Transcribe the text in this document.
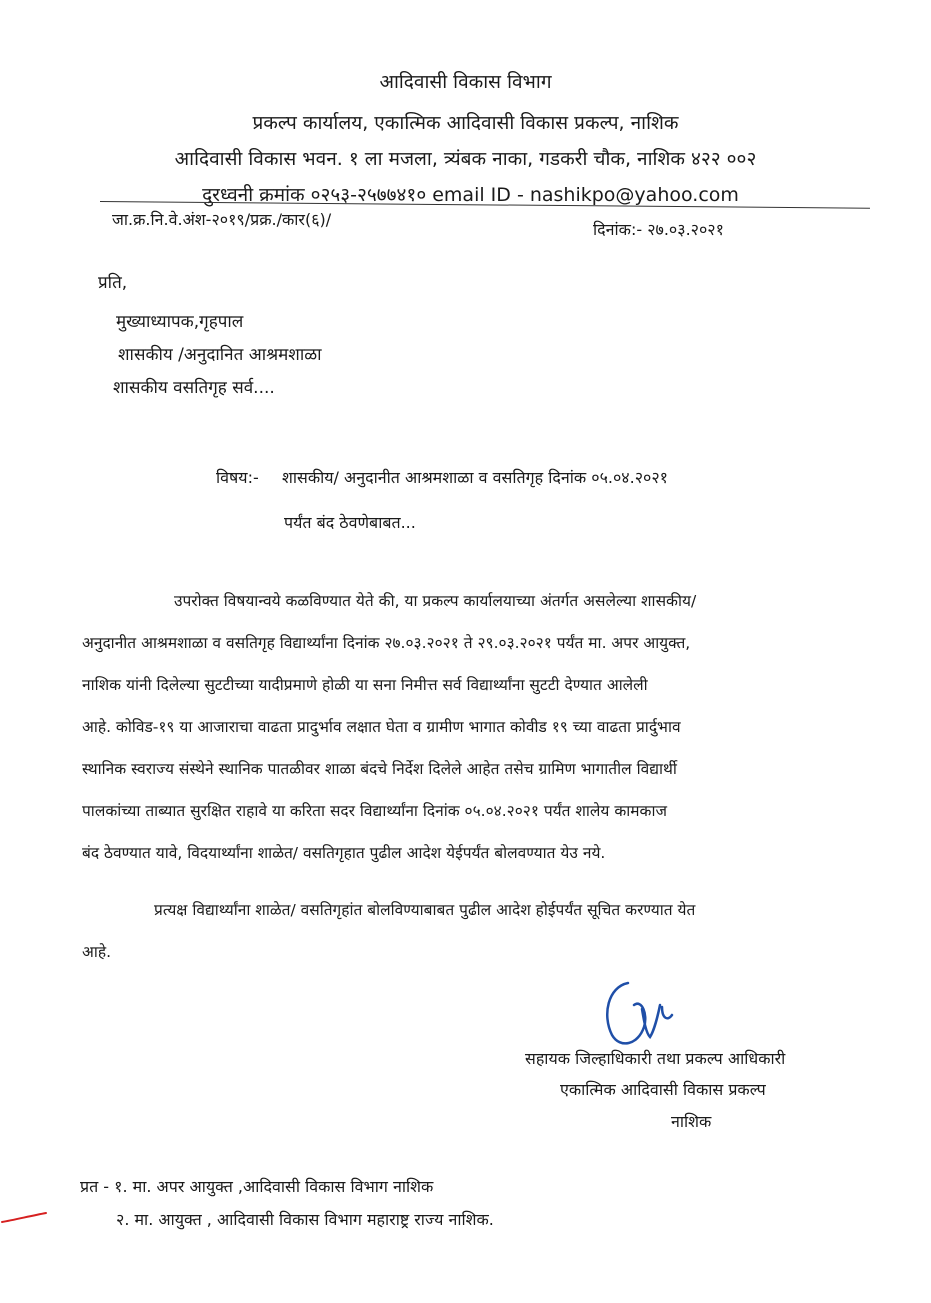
आदिवासी विकास विभाग
प्रकल्प कार्यालय, एकात्मिक आदिवासी विकास प्रकल्प, नाशिक
आदिवासी विकास भवन. १ ला मजला, त्र्यंबक नाका, गडकरी चौक, नाशिक ४२२ ००२
दुरध्वनी क्रमांक ०२५३-२५७७४१० email ID - nashikpo@yahoo.com
जा.क्र.नि.वे.अंश-२०१९/प्रक्र./कार(६)/
दिनांक:- २७.०३.२०२१
प्रति,
मुख्याध्यापक,गृहपाल
शासकीय /अनुदानित आश्रमशाळा
शासकीय वसतिगृह सर्व....
विषय:- शासकीय/ अनुदानीत आश्रमशाळा व वसतिगृह दिनांक ०५.०४.२०२१
पर्यंत बंद ठेवणेबाबत...
उपरोक्त विषयान्वये कळविण्यात येते की, या प्रकल्प कार्यालयाच्या अंतर्गत असलेल्या शासकीय/
अनुदानीत आश्रमशाळा व वसतिगृह विद्यार्थ्यांना दिनांक २७.०३.२०२१ ते २९.०३.२०२१ पर्यंत मा. अपर आयुक्त,
नाशिक यांनी दिलेल्या सुटटीच्या यादीप्रमाणे होळी या सना निमीत्त सर्व विद्यार्थ्यांना सुटटी देण्यात आलेली
आहे. कोविड-१९ या आजाराचा वाढता प्रादुर्भाव लक्षात घेता व ग्रामीण भागात कोवीड १९ च्या वाढता प्रार्दुभाव
स्थानिक स्वराज्य संस्थेने स्थानिक पातळीवर शाळा बंदचे निर्देश दिलेले आहेत तसेच ग्रामिण भागातील विद्यार्थी
पालकांच्या ताब्यात सुरक्षित राहावे या करिता सदर विद्यार्थ्यांना दिनांक ०५.०४.२०२१ पर्यंत शालेय कामकाज
बंद ठेवण्यात यावे, विदयार्थ्यांना शाळेत/ वसतिगृहात पुढील आदेश येईपर्यंत बोलवण्यात येउ नये.
प्रत्यक्ष विद्यार्थ्यांना शाळेत/ वसतिगृहांत बोलविण्याबाबत पुढील आदेश होईपर्यंत सूचित करण्यात येत
आहे.
सहायक जिल्हाधिकारी तथा प्रकल्प आधिकारी
एकात्मिक आदिवासी विकास प्रकल्प
नाशिक
प्रत - १. मा. अपर आयुक्त ,आदिवासी विकास विभाग नाशिक
२. मा. आयुक्त , आदिवासी विकास विभाग महाराष्ट्र राज्य नाशिक.
